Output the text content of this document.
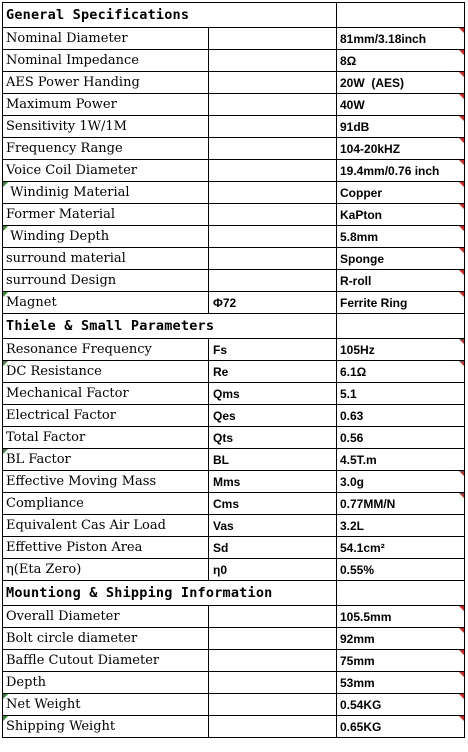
General Specifications		
Nominal Diameter		81mm/3.18inch

Nominal Impedance		8Ω

AES Power Handing		20W  (AES)

Maximum Power		40W

Sensitivity 1W/1M		91dB

Frequency Range		104-20kHZ

Voice Coil Diameter		19.4mm/0.76 inch

Windinig Material		Copper

Former Material		KaPton

Winding Depth		5.8mm

surround material		Sponge

surround Design		R-roll

Magnet	Φ72	Ferrite Ring

Thiele & Small Parameters		
Resonance Frequency	Fs	105Hz

DC Resistance	Re	6.1Ω

Mechanical Factor	Qms	5.1
Electrical Factor	Qes	0.63
Total Factor	Qts	0.56
BL Factor	BL	4.5T.m
Effective Moving Mass	Mms	3.0g

Compliance	Cms	0.77MM/N

Equivalent Cas Air Load	Vas	3.2L
Effettive Piston Area	Sd	54.1cm²
η(Eta Zero)	η0	0.55%
Mountiong & Shipping Information		
Overall Diameter		105.5mm

Bolt circle diameter		92mm

Baffle Cutout Diameter		75mm

Depth		53mm

Net Weight		0.54KG

Shipping Weight		0.65KG
